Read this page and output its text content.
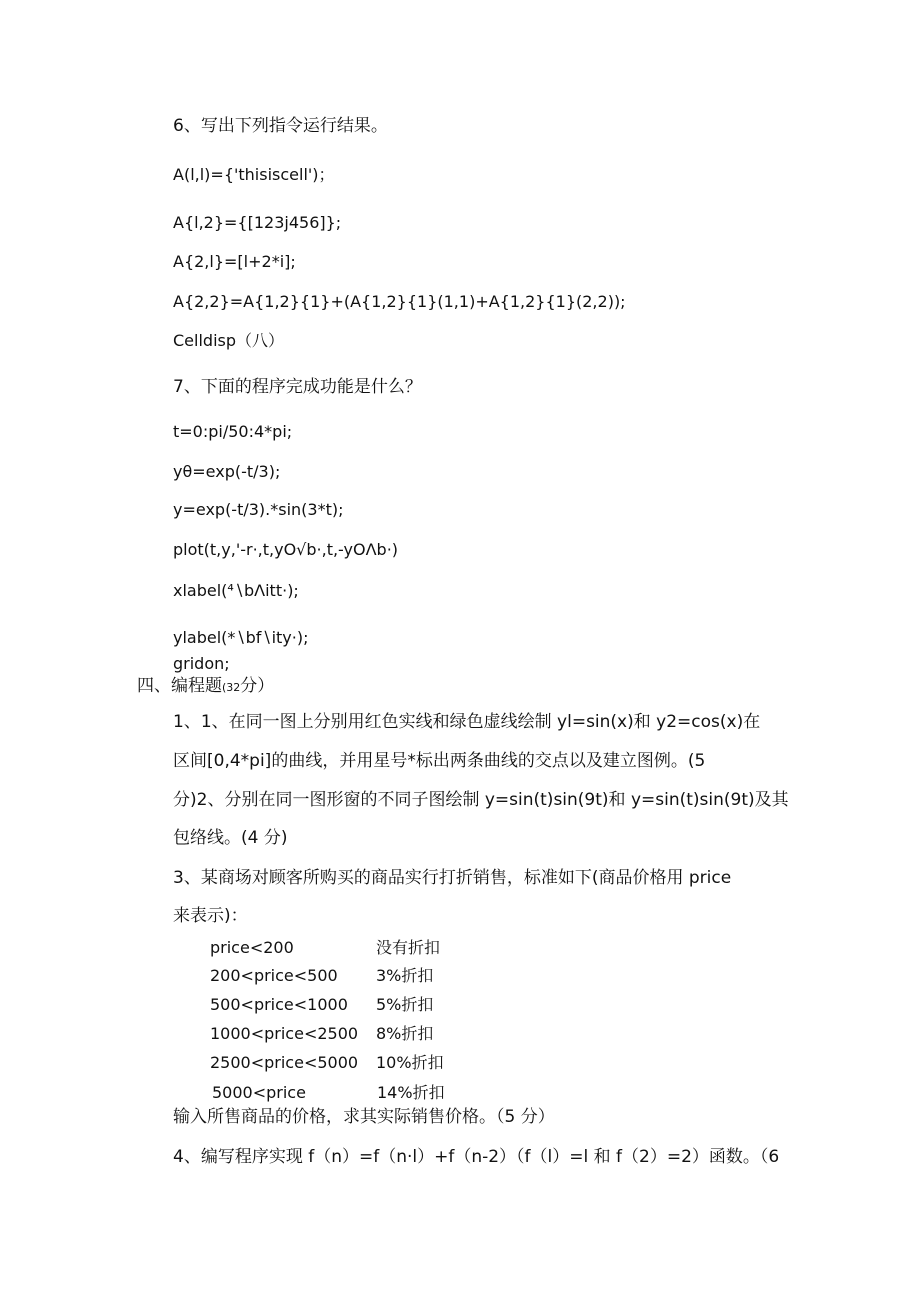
6、写出下列指令运行结果。
A(l,l)={'thisiscell')；
A{l,2}={[123j456]};
A{2,l}=[l+2*i];
A{2,2}=A{1,2}{1}+(A{1,2}{1}(1,1)+A{1,2}{1}(2,2));
Celldisp（八）
7、下面的程序完成功能是什么？
t=0:pi/50:4*pi;
yθ=exp(-t∕3);
y=exp(-t∕3).*sin(3*t);
plot(t,y,'-r·,t,yO√b·,t,-yOΛb·)
xlabel(⁴∖bΛitt·);
ylabel(*∖bf∖ity·);
gridon;
四、编程题(32分）
1、1、在同一图上分别用红色实线和绿色虚线绘制 yl=sin(x)和 y2=cos(x)在
区间[0,4*pi]的曲线，并用星号*标出两条曲线的交点以及建立图例。(5
分)2、分别在同一图形窗的不同子图绘制 y=sin(t)sin(9t)和 y=sin(t)sin(9t)及其
包络线。(4 分)
3、某商场对顾客所购买的商品实行打折销售，标准如下(商品价格用 price
来表示)：
price<200	没有折扣
200<price<500 3%折扣
500<price<1000 5%折扣
1000<price<2500 8%折扣
2500<price<5000 10%折扣
5000<price	14%折扣
输入所售商品的价格，求其实际销售价格。（5 分）
4、编写程序实现 f（n）=f（n·l）+f（n-2）（f（l）=l 和 f（2）=2）函数。（6
